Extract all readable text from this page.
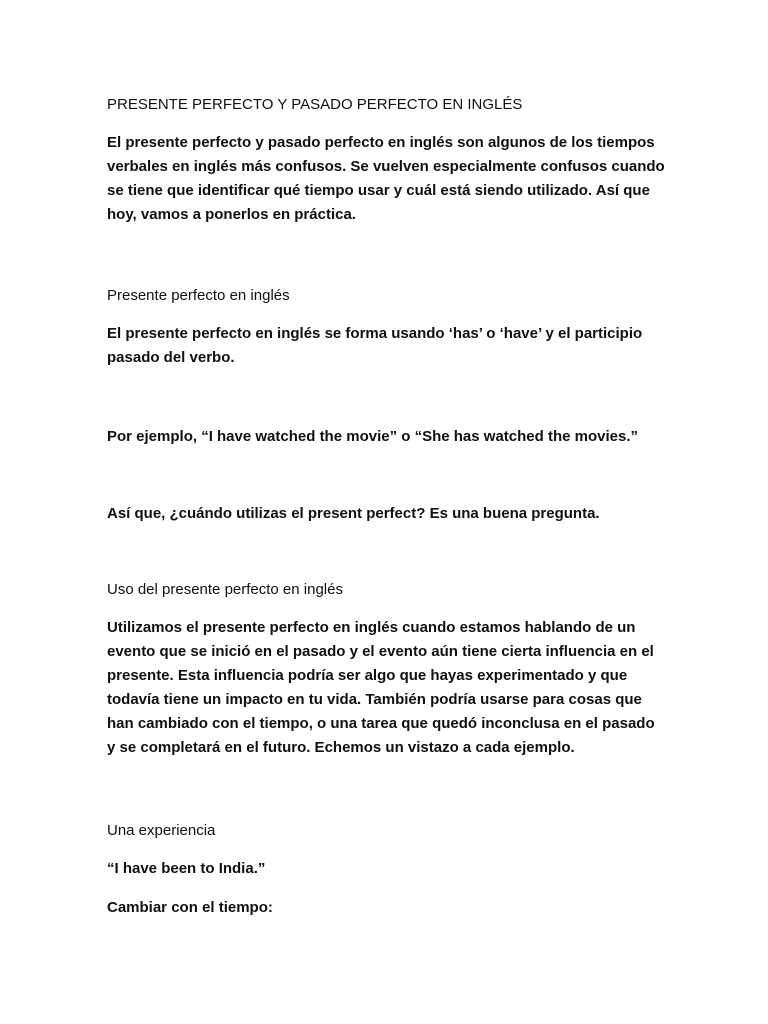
PRESENTE PERFECTO Y PASADO PERFECTO EN INGLÉS

El presente perfecto y pasado perfecto en inglés son algunos de los tiempos verbales en inglés más confusos. Se vuelven especialmente confusos cuando se tiene que identificar qué tiempo usar y cuál está siendo utilizado. Así que hoy, vamos a ponerlos en práctica.

Presente perfecto en inglés

El presente perfecto en inglés se forma usando ‘has’ o ‘have’ y el participio pasado del verbo.

Por ejemplo, “I have watched the movie” o “She has watched the movies.”

Así que, ¿cuándo utilizas el present perfect? Es una buena pregunta.

Uso del presente perfecto en inglés

Utilizamos el presente perfecto en inglés cuando estamos hablando de un evento que se inició en el pasado y el evento aún tiene cierta influencia en el presente. Esta influencia podría ser algo que hayas experimentado y que todavía tiene un impacto en tu vida. También podría usarse para cosas que han cambiado con el tiempo, o una tarea que quedó inconclusa en el pasado y se completará en el futuro. Echemos un vistazo a cada ejemplo.

Una experiencia

“I have been to India.”

Cambiar con el tiempo:
